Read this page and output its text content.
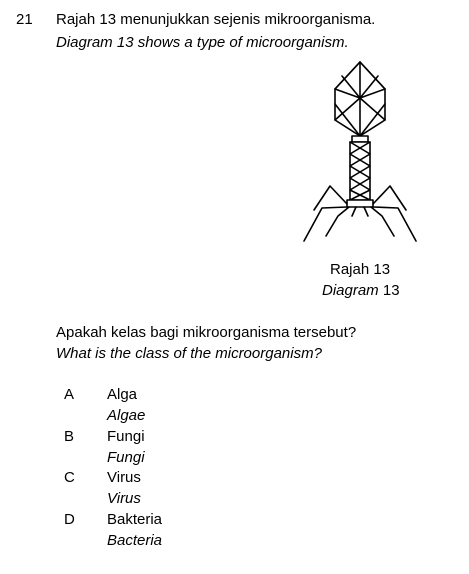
21 Rajah 13 menunjukkan sejenis mikroorganisma.
Diagram 13 shows a type of microorganism.
Rajah 13
Diagram 13
Apakah kelas bagi mikroorganisma tersebut?
What is the class of the microorganism?
A Alga
Algae
B Fungi
Fungi
C Virus
Virus
D Bakteria
Bacteria
